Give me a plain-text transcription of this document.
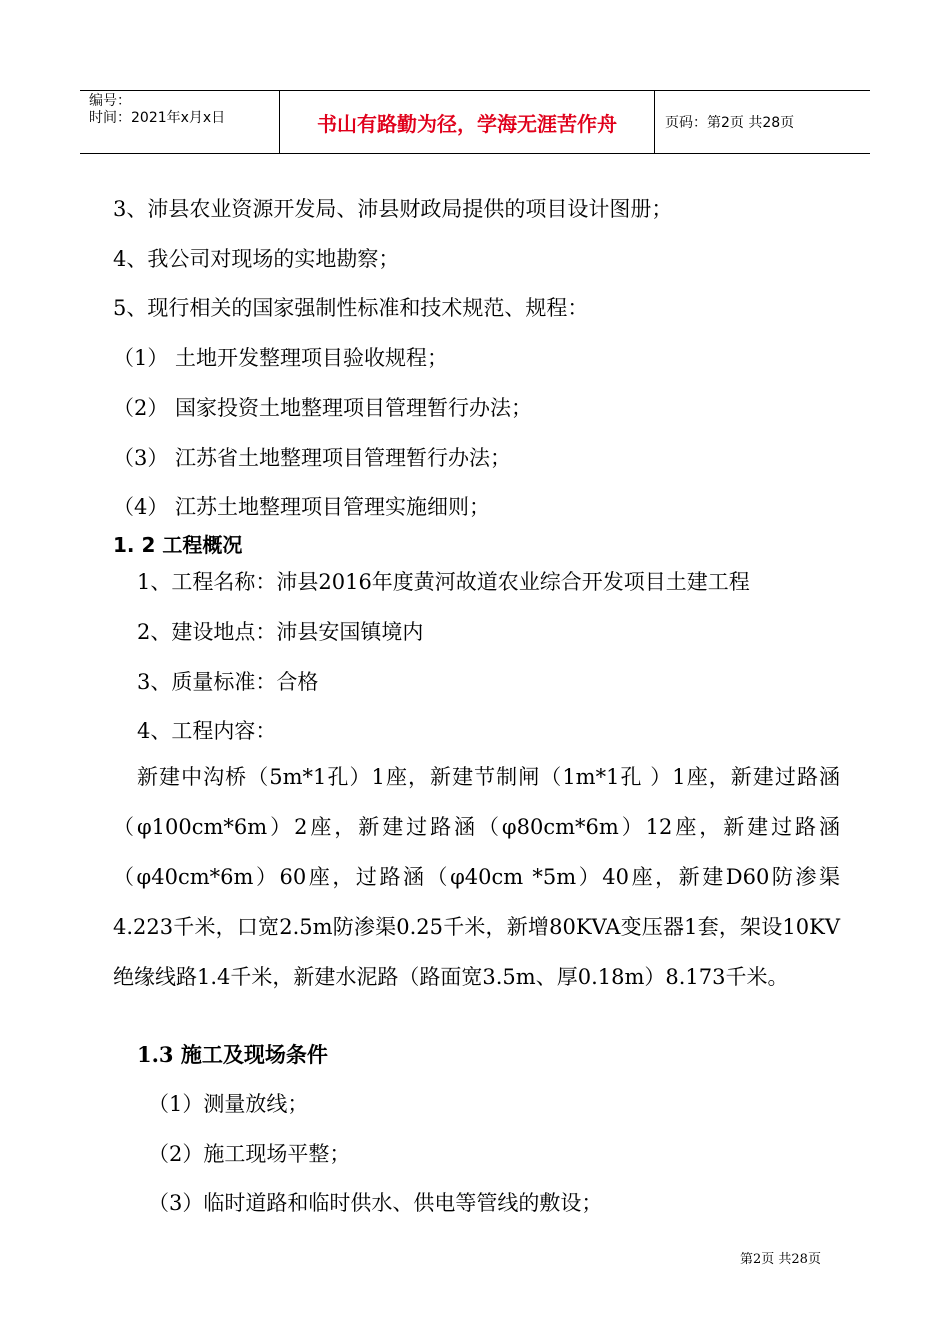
编号：
时间：2021年x月x日	书山有路勤为径，学海无涯苦作舟	页码：第2页 共28页
3、沛县农业资源开发局、沛县财政局提供的项目设计图册；
4、我公司对现场的实地勘察；
5、现行相关的国家强制性标准和技术规范、规程：
（1） 土地开发整理项目验收规程；
（2） 国家投资土地整理项目管理暂行办法；
（3） 江苏省土地整理项目管理暂行办法；
（4） 江苏土地整理项目管理实施细则；
1. 2 工程概况
1、工程名称：沛县2016年度黄河故道农业综合开发项目土建工程
2、建设地点：沛县安国镇境内
3、质量标准：合格
4、工程内容：
新建中沟桥（5m*1孔）1座，新建节制闸（1m*1孔 ）1座，新建过路涵（φ100cm*6m）2座，新建过路涵（φ80cm*6m）12座，新建过路涵（φ40cm*6m）60座，过路涵（φ40cm *5m）40座，新建D60防渗渠4.223千米，口宽2.5m防渗渠0.25千米，新增80KVA变压器1套，架设10KV绝缘线路1.4千米，新建水泥路（路面宽3.5m、厚0.18m）8.173千米。
1.3 施工及现场条件
（1）测量放线；
（2）施工现场平整；
（3）临时道路和临时供水、供电等管线的敷设；
第2页 共28页
